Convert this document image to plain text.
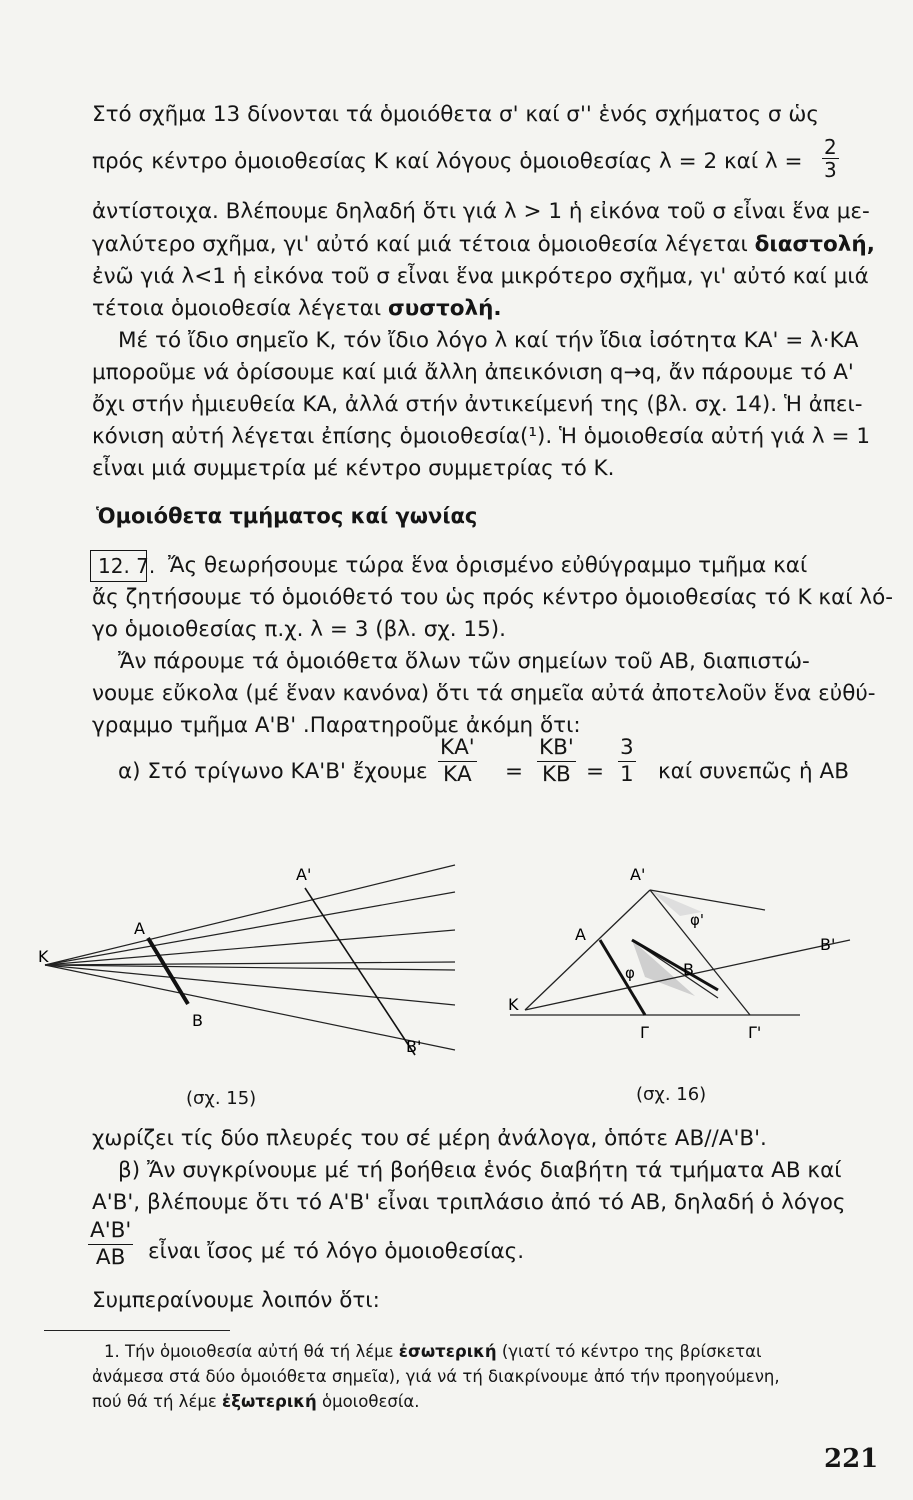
Στό σχῆμα 13 δίνονται τά ὁμοιόθετα σ' καί σ'' ἑνός σχήματος σ ὡς
πρός κέντρο ὁμοιοθεσίας Κ καί λόγους ὁμοιοθεσίας λ = 2 καί $\lambda = \frac{2}{3}$
ἀντίστοιχα. Βλέπουμε δηλαδή ὅτι γιά λ > 1 ἡ εἰκόνα τοῦ σ εἶναι ἕνα με-
γαλύτερο σχῆμα, γι' αὐτό καί μιά τέτοια ὁμοιοθεσία λέγεται διαστολή,
ἐνῶ γιά λ<1 ἡ εἰκόνα τοῦ σ εἶναι ἕνα μικρότερο σχῆμα, γι' αὐτό καί μιά
τέτοια ὁμοιοθεσία λέγεται συστολή.
Μέ τό ἴδιο σημεῖο Κ, τόν ἴδιο λόγο λ καί τήν ἴδια ἰσότητα ΚΑ' = λ·ΚΑ
μποροῦμε νά ὁρίσουμε καί μιά ἄλλη ἀπεικόνιση q→q, ἄν πάρουμε τό Α'
ὄχι στήν ἡμιευθεία ΚΑ, ἀλλά στήν ἀντικείμενή της (βλ. σχ. 14). Ἡ ἀπει-
κόνιση αὐτή λέγεται ἐπίσης ὁμοιοθεσία(¹). Ἡ ὁμοιοθεσία αὐτή γιά λ = 1
εἶναι μιά συμμετρία μέ κέντρο συμμετρίας τό Κ.
Ὁμοιόθετα τμήματος καί γωνίας
12. 7. Ἄς θεωρήσουμε τώρα ἕνα ὁρισμένο εὐθύγραμμο τμῆμα καί
ἄς ζητήσουμε τό ὁμοιόθετό του ὡς πρός κέντρο ὁμοιοθεσίας τό Κ καί λό-
γο ὁμοιοθεσίας π.χ. λ = 3 (βλ. σχ. 15).
Ἄν πάρουμε τά ὁμοιόθετα ὅλων τῶν σημείων τοῦ ΑΒ, διαπιστώ-
νουμε εὔκολα (μέ ἕναν κανόνα) ὅτι τά σημεῖα αὐτά ἀποτελοῦν ἕνα εὐθύ-
γραμμο τμῆμα Α'Β' .Παρατηροῦμε ἀκόμη ὅτι:
α) Στό τρίγωνο ΚΑ'Β' ἔχουμε $\frac{KA'}{KA} = \frac{KB'}{KB} = \frac{3}{1}$ καί συνεπῶς ἡ ΑΒ
Κ
Α
Α'
Β
Β'
(σχ. 15)
Α'
Α
φ'
Β'
φ	Β
Κ
Γ	Γ'
(σχ. 16)
χωρίζει τίς δύο πλευρές του σέ μέρη ἀνάλογα, ὁπότε ΑΒ//Α'Β'.
β) Ἄν συγκρίνουμε μέ τή βοήθεια ἑνός διαβήτη τά τμήματα ΑΒ καί
Α'Β', βλέπουμε ὅτι τό Α'Β' εἶναι τριπλάσιο ἀπό τό ΑΒ, δηλαδή ὁ λόγος
$\frac{A'B'}{AB}$ εἶναι ἴσος μέ τό λόγο ὁμοιοθεσίας.
Συμπεραίνουμε λοιπόν ὅτι:
1. Τήν ὁμοιοθεσία αὐτή θά τή λέμε ἐσωτερική (γιατί τό κέντρο της βρίσκεται
ἀνάμεσα στά δύο ὁμοιόθετα σημεῖα), γιά νά τή διακρίνουμε ἀπό τήν προηγούμενη,
πού θά τή λέμε ἐξωτερική ὁμοιοθεσία.
221
